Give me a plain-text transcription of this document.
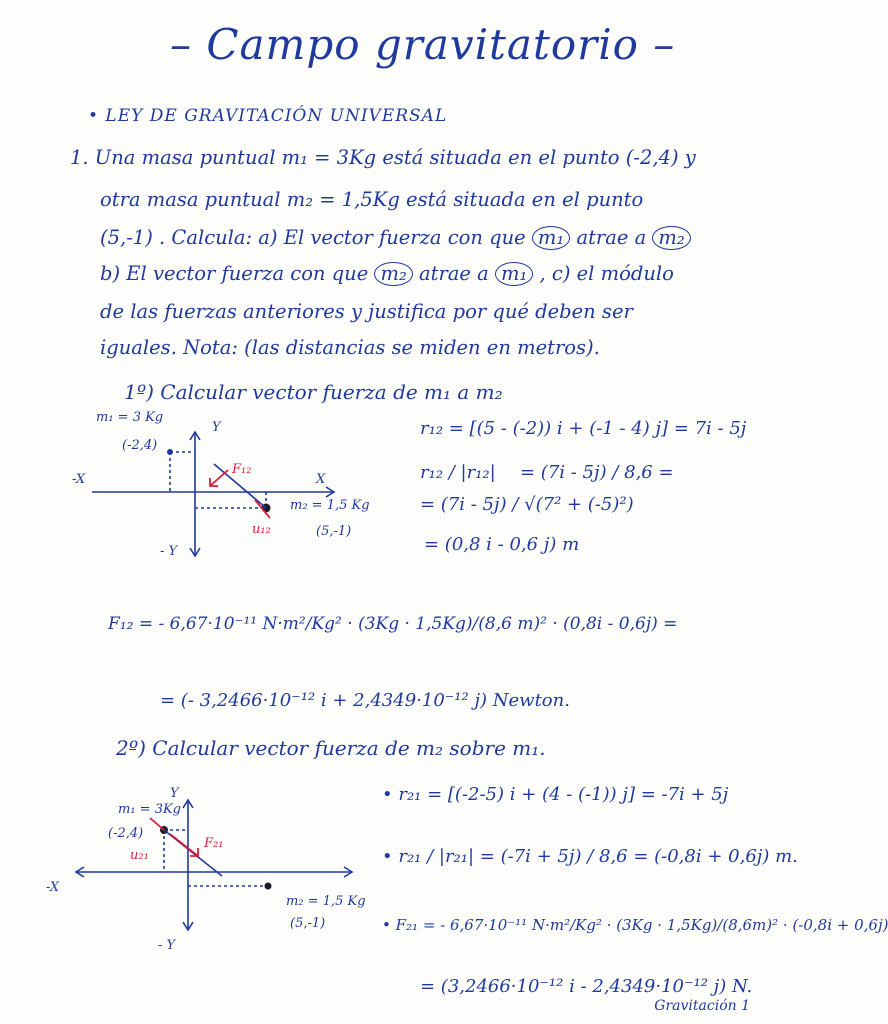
– Campo gravitatorio –
• LEY DE GRAVITACIÓN UNIVERSAL
1. Una masa puntual m₁ = 3Kg está situada en el punto (-2,4) y
otra masa puntual m₂ = 1,5Kg está situada en el punto
(5,-1) . Calcula: a) El vector fuerza con que m₁ atrae a m₂
b) El vector fuerza con que m₂ atrae a m₁ , c) el módulo
de las fuerzas anteriores y justifica por qué deben ser
iguales. Nota: (las distancias se miden en metros).
1º) Calcular vector fuerza de m₁ a m₂
m₁ = 3 Kg
(-2,4)
m₂ = 1,5 Kg
(5,-1)
Y
- Y
X
-X
F₁₂
u₁₂
r₁₂ = [(5 - (-2)) i + (-1 - 4) j] = 7i - 5j
r₁₂ / |r₁₂|
= (7i - 5j) / √(7² + (-5)²)
= (7i - 5j) / 8,6 =
= (0,8 i - 0,6 j) m
F₁₂ = - 6,67·10⁻¹¹ N·m²/Kg² · (3Kg · 1,5Kg)/(8,6 m)² · (0,8i - 0,6j) =
= (- 3,2466·10⁻¹² i + 2,4349·10⁻¹² j) Newton.
2º) Calcular vector fuerza de m₂ sobre m₁.
m₁ = 3Kg
(-2,4)
m₂ = 1,5 Kg
(5,-1)
Y
- Y
-X
F₂₁
u₂₁
• r₂₁ = [(-2-5) i + (4 - (-1)) j] = -7i + 5j
• r₂₁ / |r₂₁| = (-7i + 5j) / 8,6 = (-0,8i + 0,6j) m.
• F₂₁ = - 6,67·10⁻¹¹ N·m²/Kg² · (3Kg · 1,5Kg)/(8,6m)² · (-0,8i + 0,6j)
= (3,2466·10⁻¹² i - 2,4349·10⁻¹² j) N.
Gravitación 1
